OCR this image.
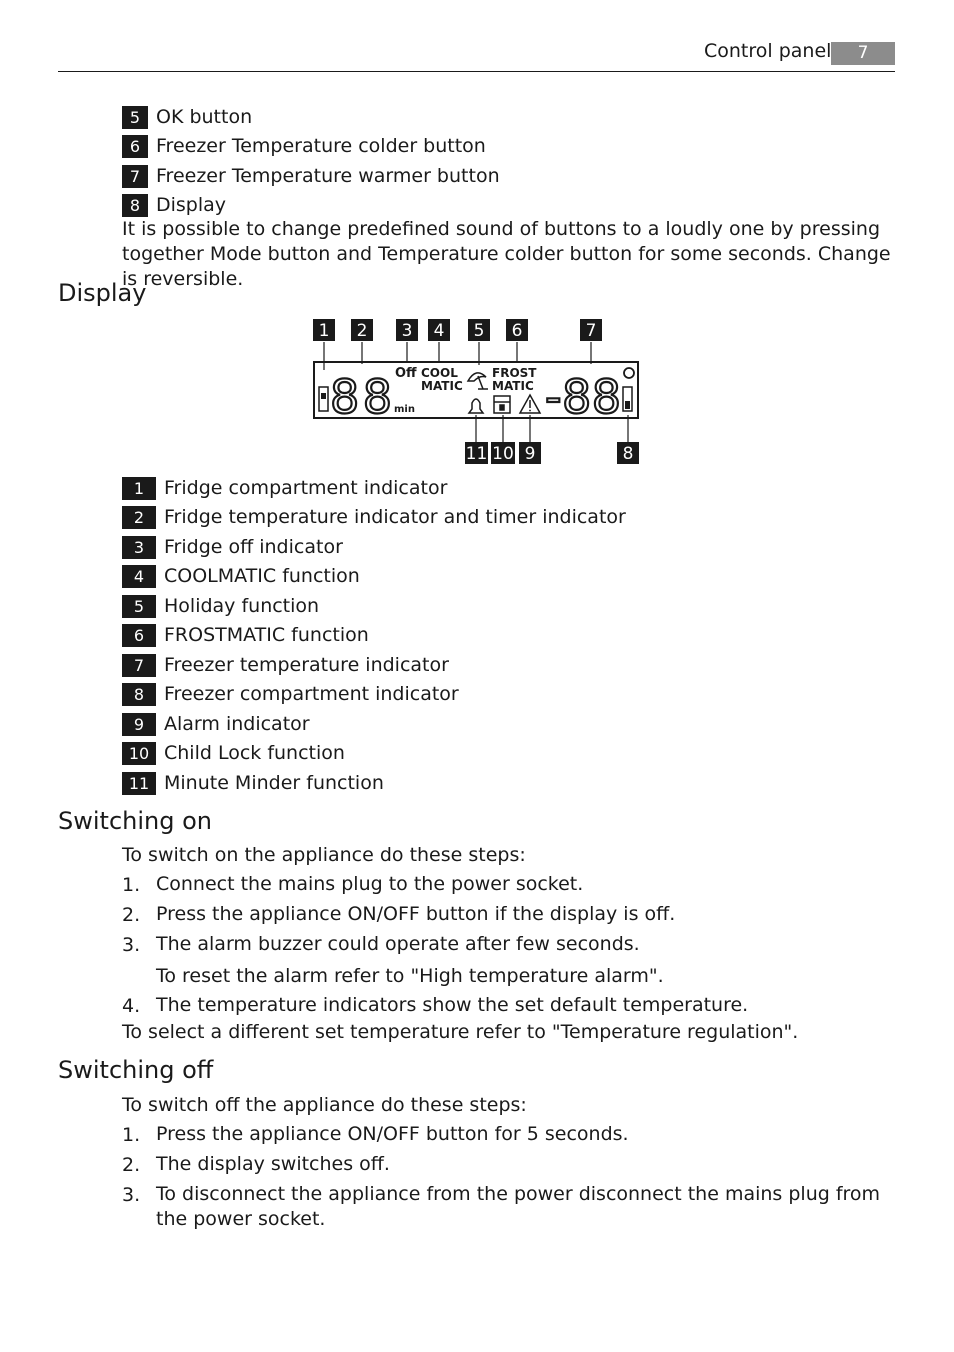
Control panel	7
5 OK button
6 Freezer Temperature colder button
7 Freezer Temperature warmer button
8 Display
It is possible to change predefined sound of buttons to a loudly one by pressing together Mode button and Temperature colder button for some seconds. Change is reversible.
Display
1 2 3 4 5 6	7
88 min
Off COOL
MATIC
FROST
MATIC -88
11 10 9	8
1	Fridge compartment indicator
2	Fridge temperature indicator and timer indicator
3	Fridge off indicator
4	COOLMATIC function
5	Holiday function
6	FROSTMATIC function
7	Freezer temperature indicator
8	Freezer compartment indicator
9	Alarm indicator
10 Child Lock function
11 Minute Minder function
Switching on
To switch on the appliance do these steps:
1. Connect the mains plug to the power socket.
2. Press the appliance ON/OFF button if the display is off.
3. The alarm buzzer could operate after few seconds.
To reset the alarm refer to "High temperature alarm".
4. The temperature indicators show the set default temperature.
To select a different set temperature refer to "Temperature regulation".
Switching off
To switch off the appliance do these steps:
1. Press the appliance ON/OFF button for 5 seconds.
2. The display switches off.
3. To disconnect the appliance from the power disconnect the mains plug from the power socket.
